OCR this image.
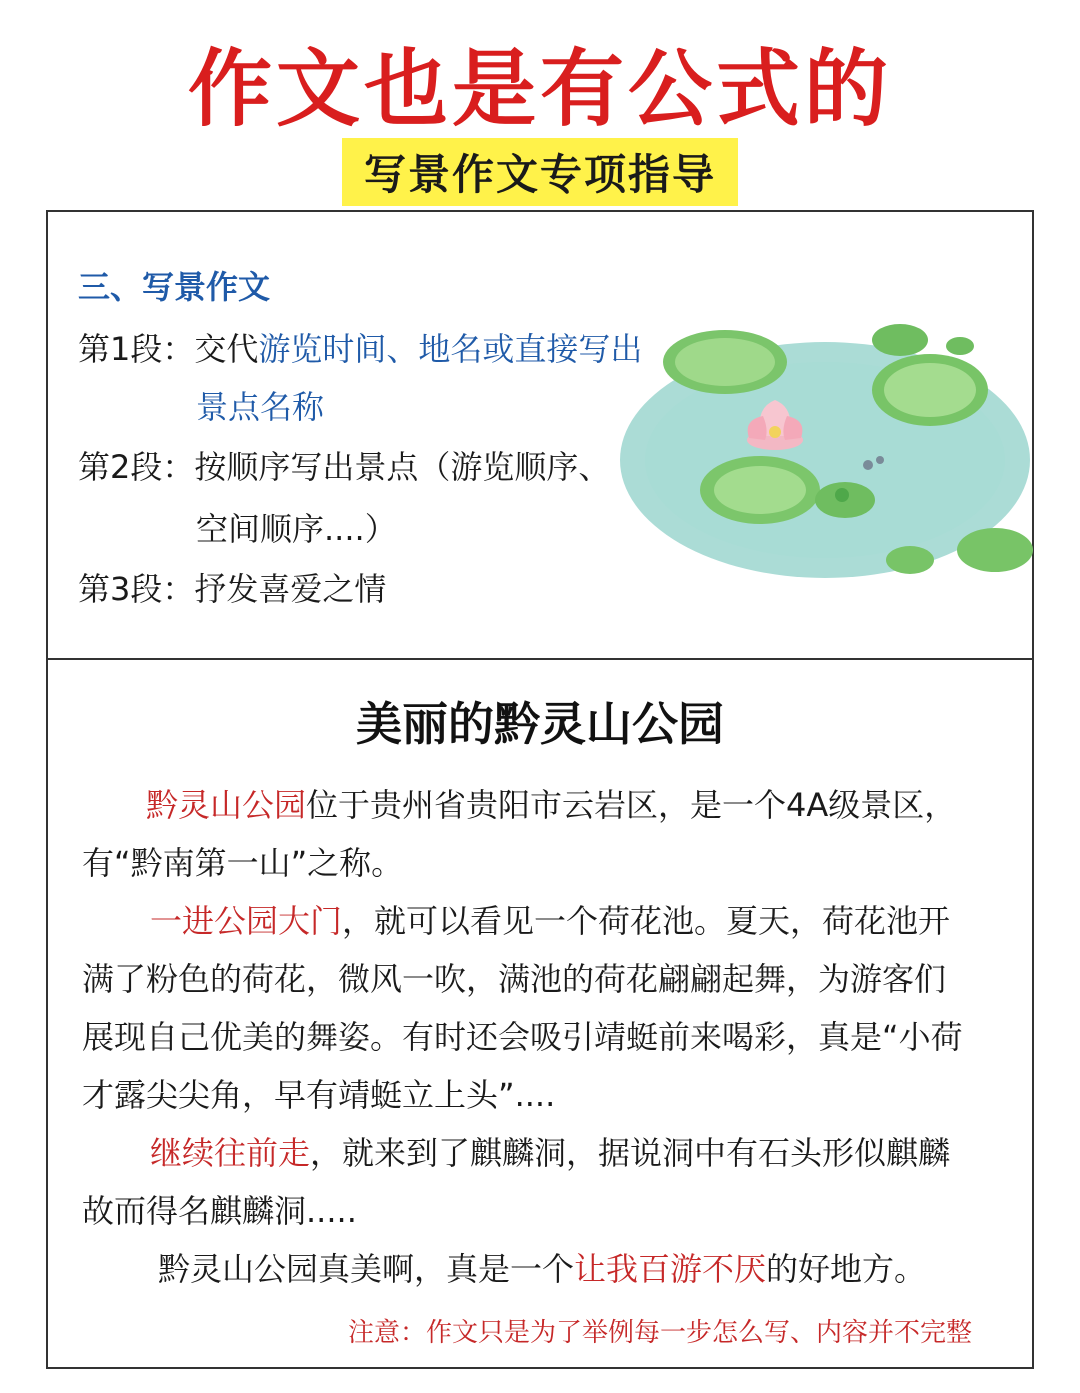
作文也是有公式的
写景作文专项指导
三、写景作文
第1段：交代游览时间、地名或直接写出
景点名称
第2段：按顺序写出景点（游览顺序、
空间顺序....）
第3段：抒发喜爱之情
美丽的黔灵山公园
黔灵山公园位于贵州省贵阳市云岩区，是一个4A级景区，
有“黔南第一山”之称。
一进公园大门，就可以看见一个荷花池。夏天，荷花池开
满了粉色的荷花，微风一吹，满池的荷花翩翩起舞，为游客们
展现自己优美的舞姿。有时还会吸引靖蜓前来喝彩，真是“小荷
才露尖尖角，早有靖蜓立上头”....
继续往前走，就来到了麒麟洞，据说洞中有石头形似麒麟
故而得名麒麟洞.....
黔灵山公园真美啊，真是一个让我百游不厌的好地方。
注意：作文只是为了举例每一步怎么写、内容并不完整
